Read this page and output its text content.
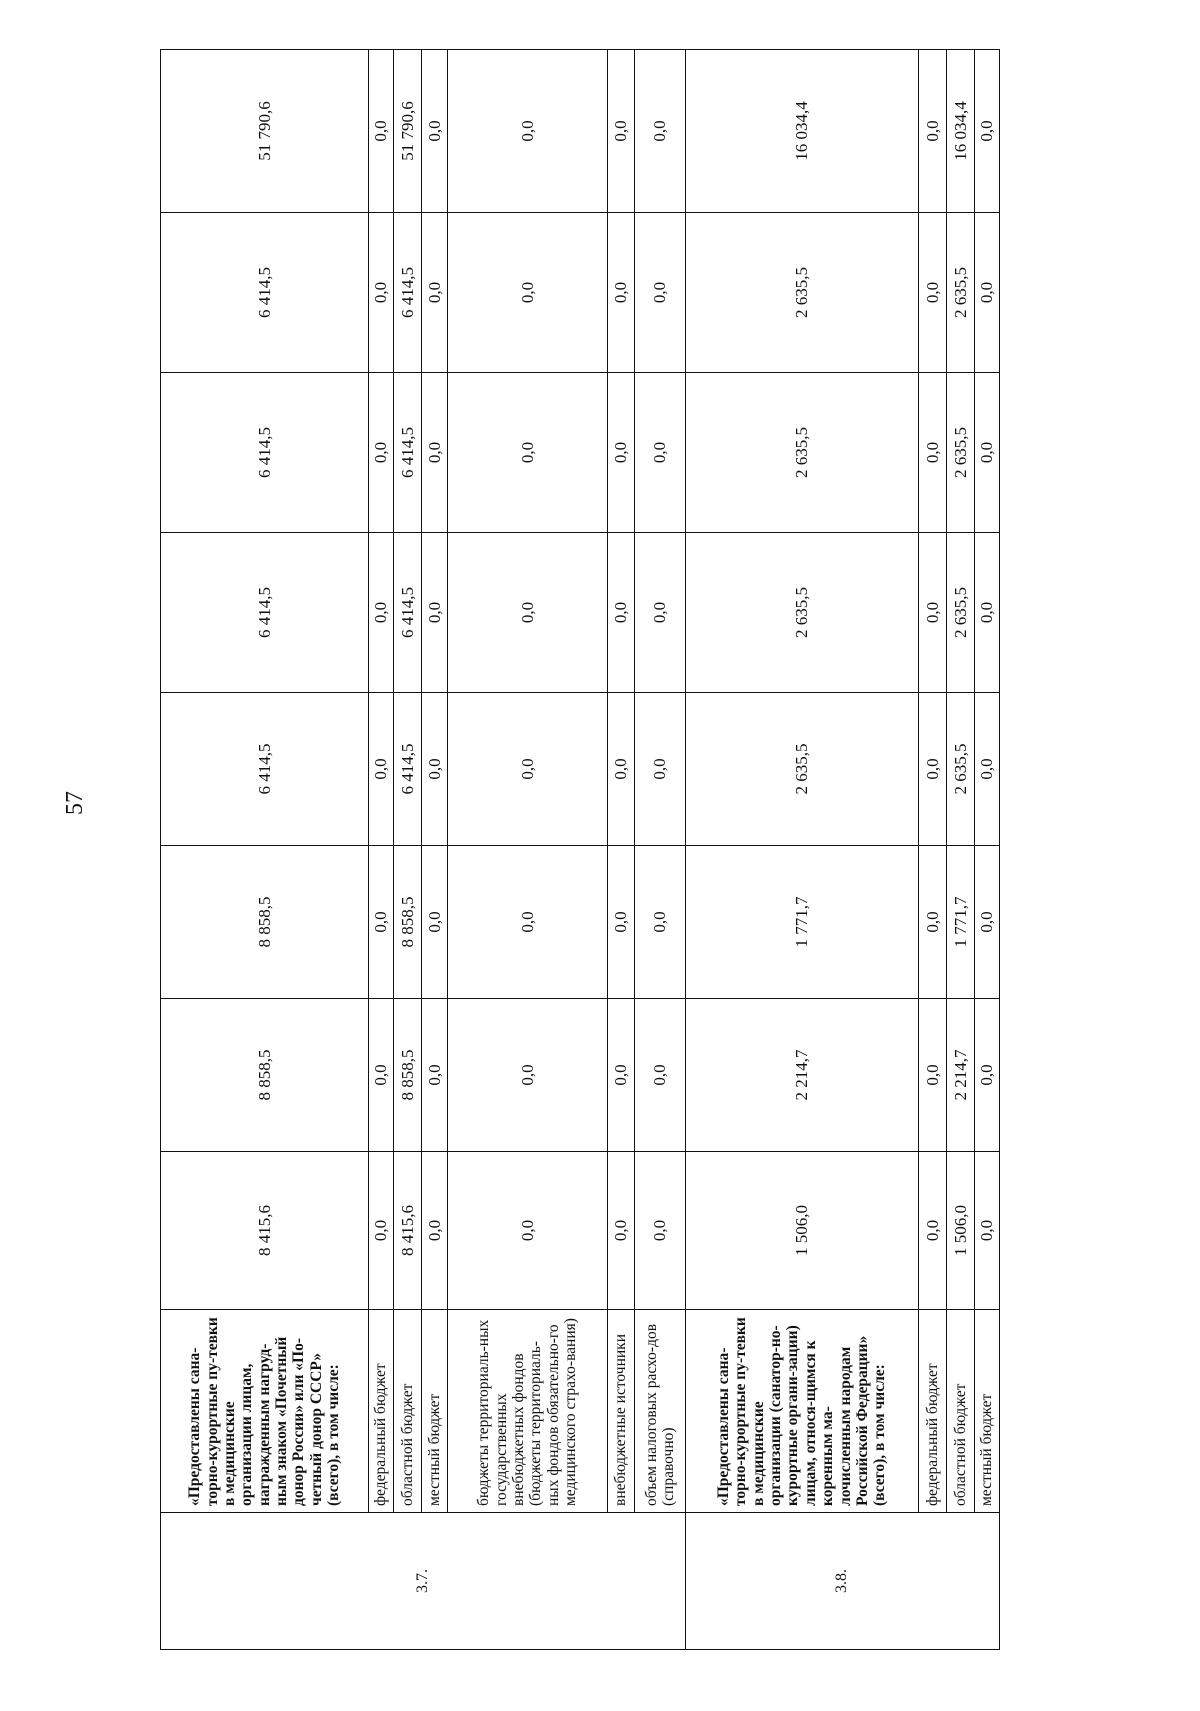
57
3.7.	«Предоставлены сана-торно-курортные пу-тевки в медицинские организации лицам, награжденным нагруд-ным знаком «Почетный донор России» или «По-четный донор СССР» (всего), в том числе:	8 415,6	8 858,5	8 858,5	6 414,5	6 414,5	6 414,5	6 414,5	51 790,6
	федеральный бюджет	0,0	0,0	0,0	0,0	0,0	0,0	0,0	0,0
	областной бюджет	8 415,6	8 858,5	8 858,5	6 414,5	6 414,5	6 414,5	6 414,5	51 790,6
	местный бюджет	0,0	0,0	0,0	0,0	0,0	0,0	0,0	0,0
	бюджеты территориаль-ных государственных внебюджетных фондов (бюджеты территориаль-ных фондов обязательно-го медицинского страхо-вания)	0,0	0,0	0,0	0,0	0,0	0,0	0,0	0,0
	внебюджетные источники	0,0	0,0	0,0	0,0	0,0	0,0	0,0	0,0
	объем налоговых расхо-дов (справочно)	0,0	0,0	0,0	0,0	0,0	0,0	0,0	0,0
3.8.	«Предоставлены сана-торно-курортные пу-тевки в медицинские организации (санатор-но-курортные органи-зации) лицам, относя-щимся к коренным ма-лочисленным народам Российской Федерации» (всего), в том числе:	1 506,0	2 214,7	1 771,7	2 635,5	2 635,5	2 635,5	2 635,5	16 034,4
	федеральный бюджет	0,0	0,0	0,0	0,0	0,0	0,0	0,0	0,0
	областной бюджет	1 506,0	2 214,7	1 771,7	2 635,5	2 635,5	2 635,5	2 635,5	16 034,4
	местный бюджет	0,0	0,0	0,0	0,0	0,0	0,0	0,0	0,0
